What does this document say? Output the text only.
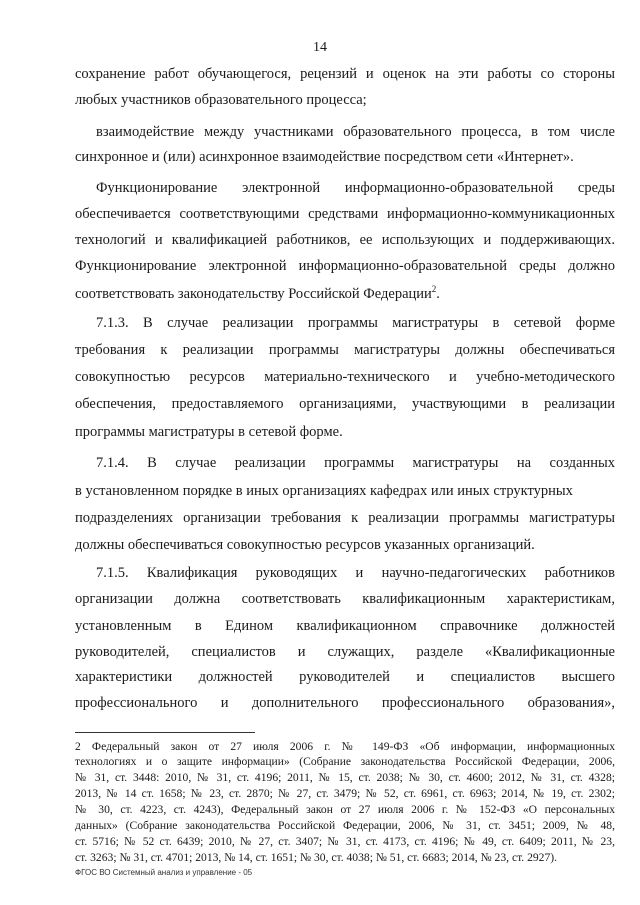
14
сохранение работ обучающегося, рецензий и оценок на эти работы со стороны
любых участников образовательного процесса;
взаимодействие между участниками образовательного процесса, в том числе
синхронное и (или) асинхронное взаимодействие посредством сети «Интернет».
Функционирование электронной информационно-образовательной среды
обеспечивается соответствующими средствами информационно-коммуникационных
технологий и квалификацией работников, ее использующих и поддерживающих.
Функционирование электронной информационно-образовательной среды должно
соответствовать законодательству Российской Федерации$^2$.
7.1.3. В случае реализации программы магистратуры в сетевой форме
требования к реализации программы магистратуры должны обеспечиваться
совокупностью ресурсов материально-технического и учебно-методического
обеспечения, предоставляемого организациями, участвующими в реализации
программы магистратуры в сетевой форме.
7.1.4. В случае реализации программы магистратуры на созданных
в установленном порядке в иных организациях кафедрах или иных структурных
подразделениях организации требования к реализации программы магистратуры
должны обеспечиваться совокупностью ресурсов указанных организаций.
7.1.5. Квалификация руководящих и научно-педагогических работников
организации должна соответствовать квалификационным характеристикам,
установленным в Едином квалификационном справочнике должностей
руководителей, специалистов и служащих, разделе «Квалификационные
характеристики должностей руководителей и специалистов высшего
профессионального и дополнительного профессионального образования»,
2 Федеральный закон от 27 июля 2006 г. № 149-ФЗ «Об информации, информационных
технологиях и о защите информации» (Собрание законодательства Российской Федерации, 2006,
№ 31, ст. 3448: 2010, № 31, ст. 4196; 2011, № 15, ст. 2038; № 30, ст. 4600; 2012, № 31, ст. 4328;
2013, № 14 ст. 1658; № 23, ст. 2870; № 27, ст. 3479; № 52, ст. 6961, ст. 6963; 2014, № 19, ст. 2302;
№ 30, ст. 4223, ст. 4243), Федеральный закон от 27 июля 2006 г. № 152-ФЗ «О персональных
данных» (Собрание законодательства Российской Федерации, 2006, № 31, ст. 3451; 2009, № 48,
ст. 5716; № 52 ст. 6439; 2010, № 27, ст. 3407; № 31, ст. 4173, ст. 4196; № 49, ст. 6409; 2011, № 23,
ст. 3263; № 31, ст. 4701; 2013, № 14, ст. 1651; № 30, ст. 4038; № 51, ст. 6683; 2014, № 23, ст. 2927).
ФГОС ВО Системный анализ и управление - 05
